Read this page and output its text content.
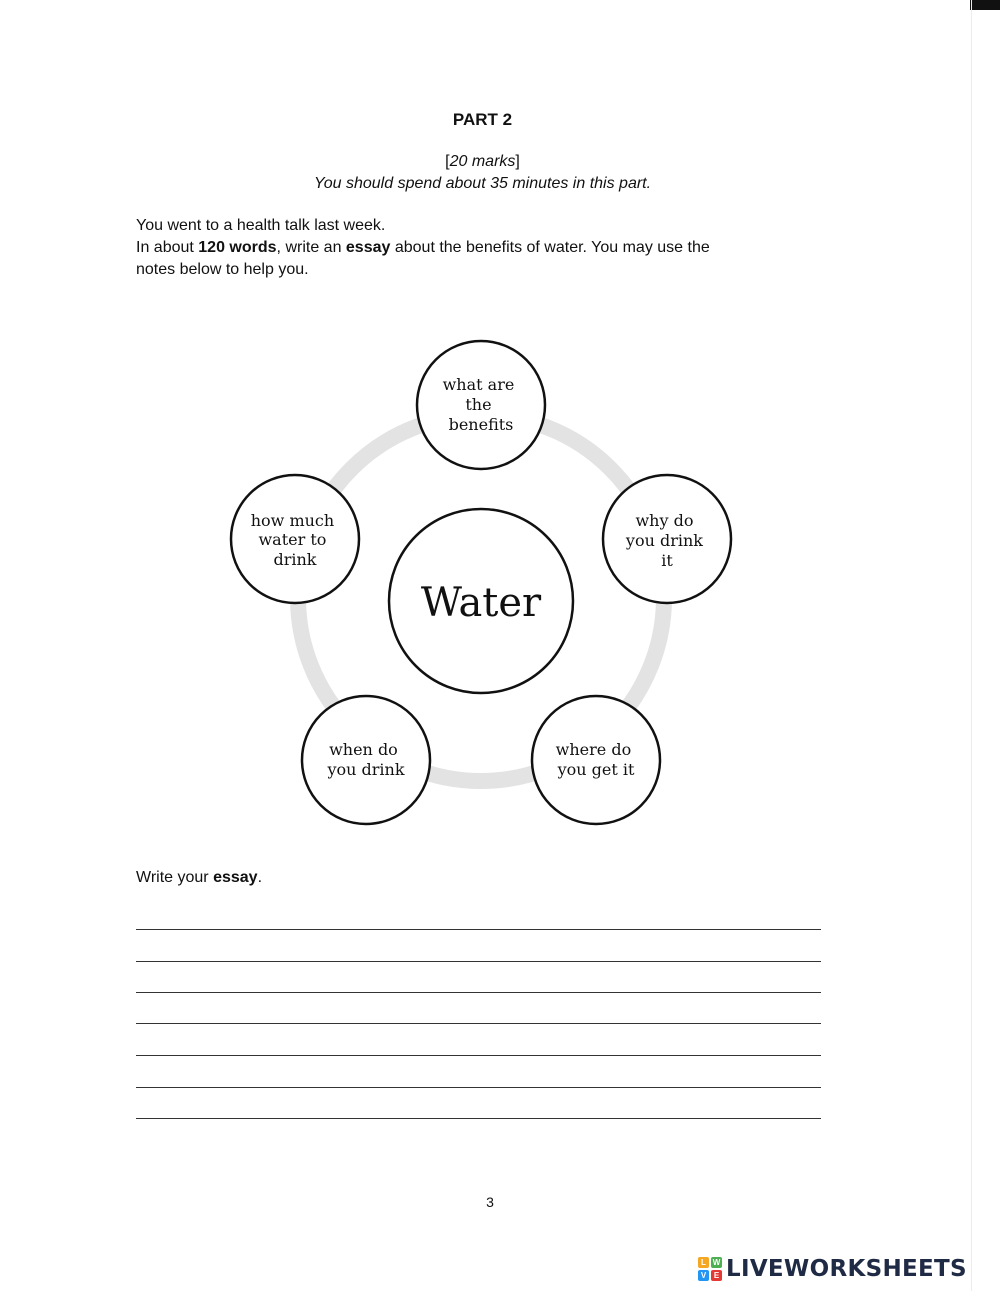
PART 2
[20 marks]
You should spend about 35 minutes in this part.

You went to a health talk last week.

In about 120 words, write an essay about the benefits of water. You may use the

notes below to help you.

Water
what are the benefits
why do you drink it
where do you get it
when do you drink
how much water to drink
Write your essay.
3
L W
V E LIVEWORKSHEETS
